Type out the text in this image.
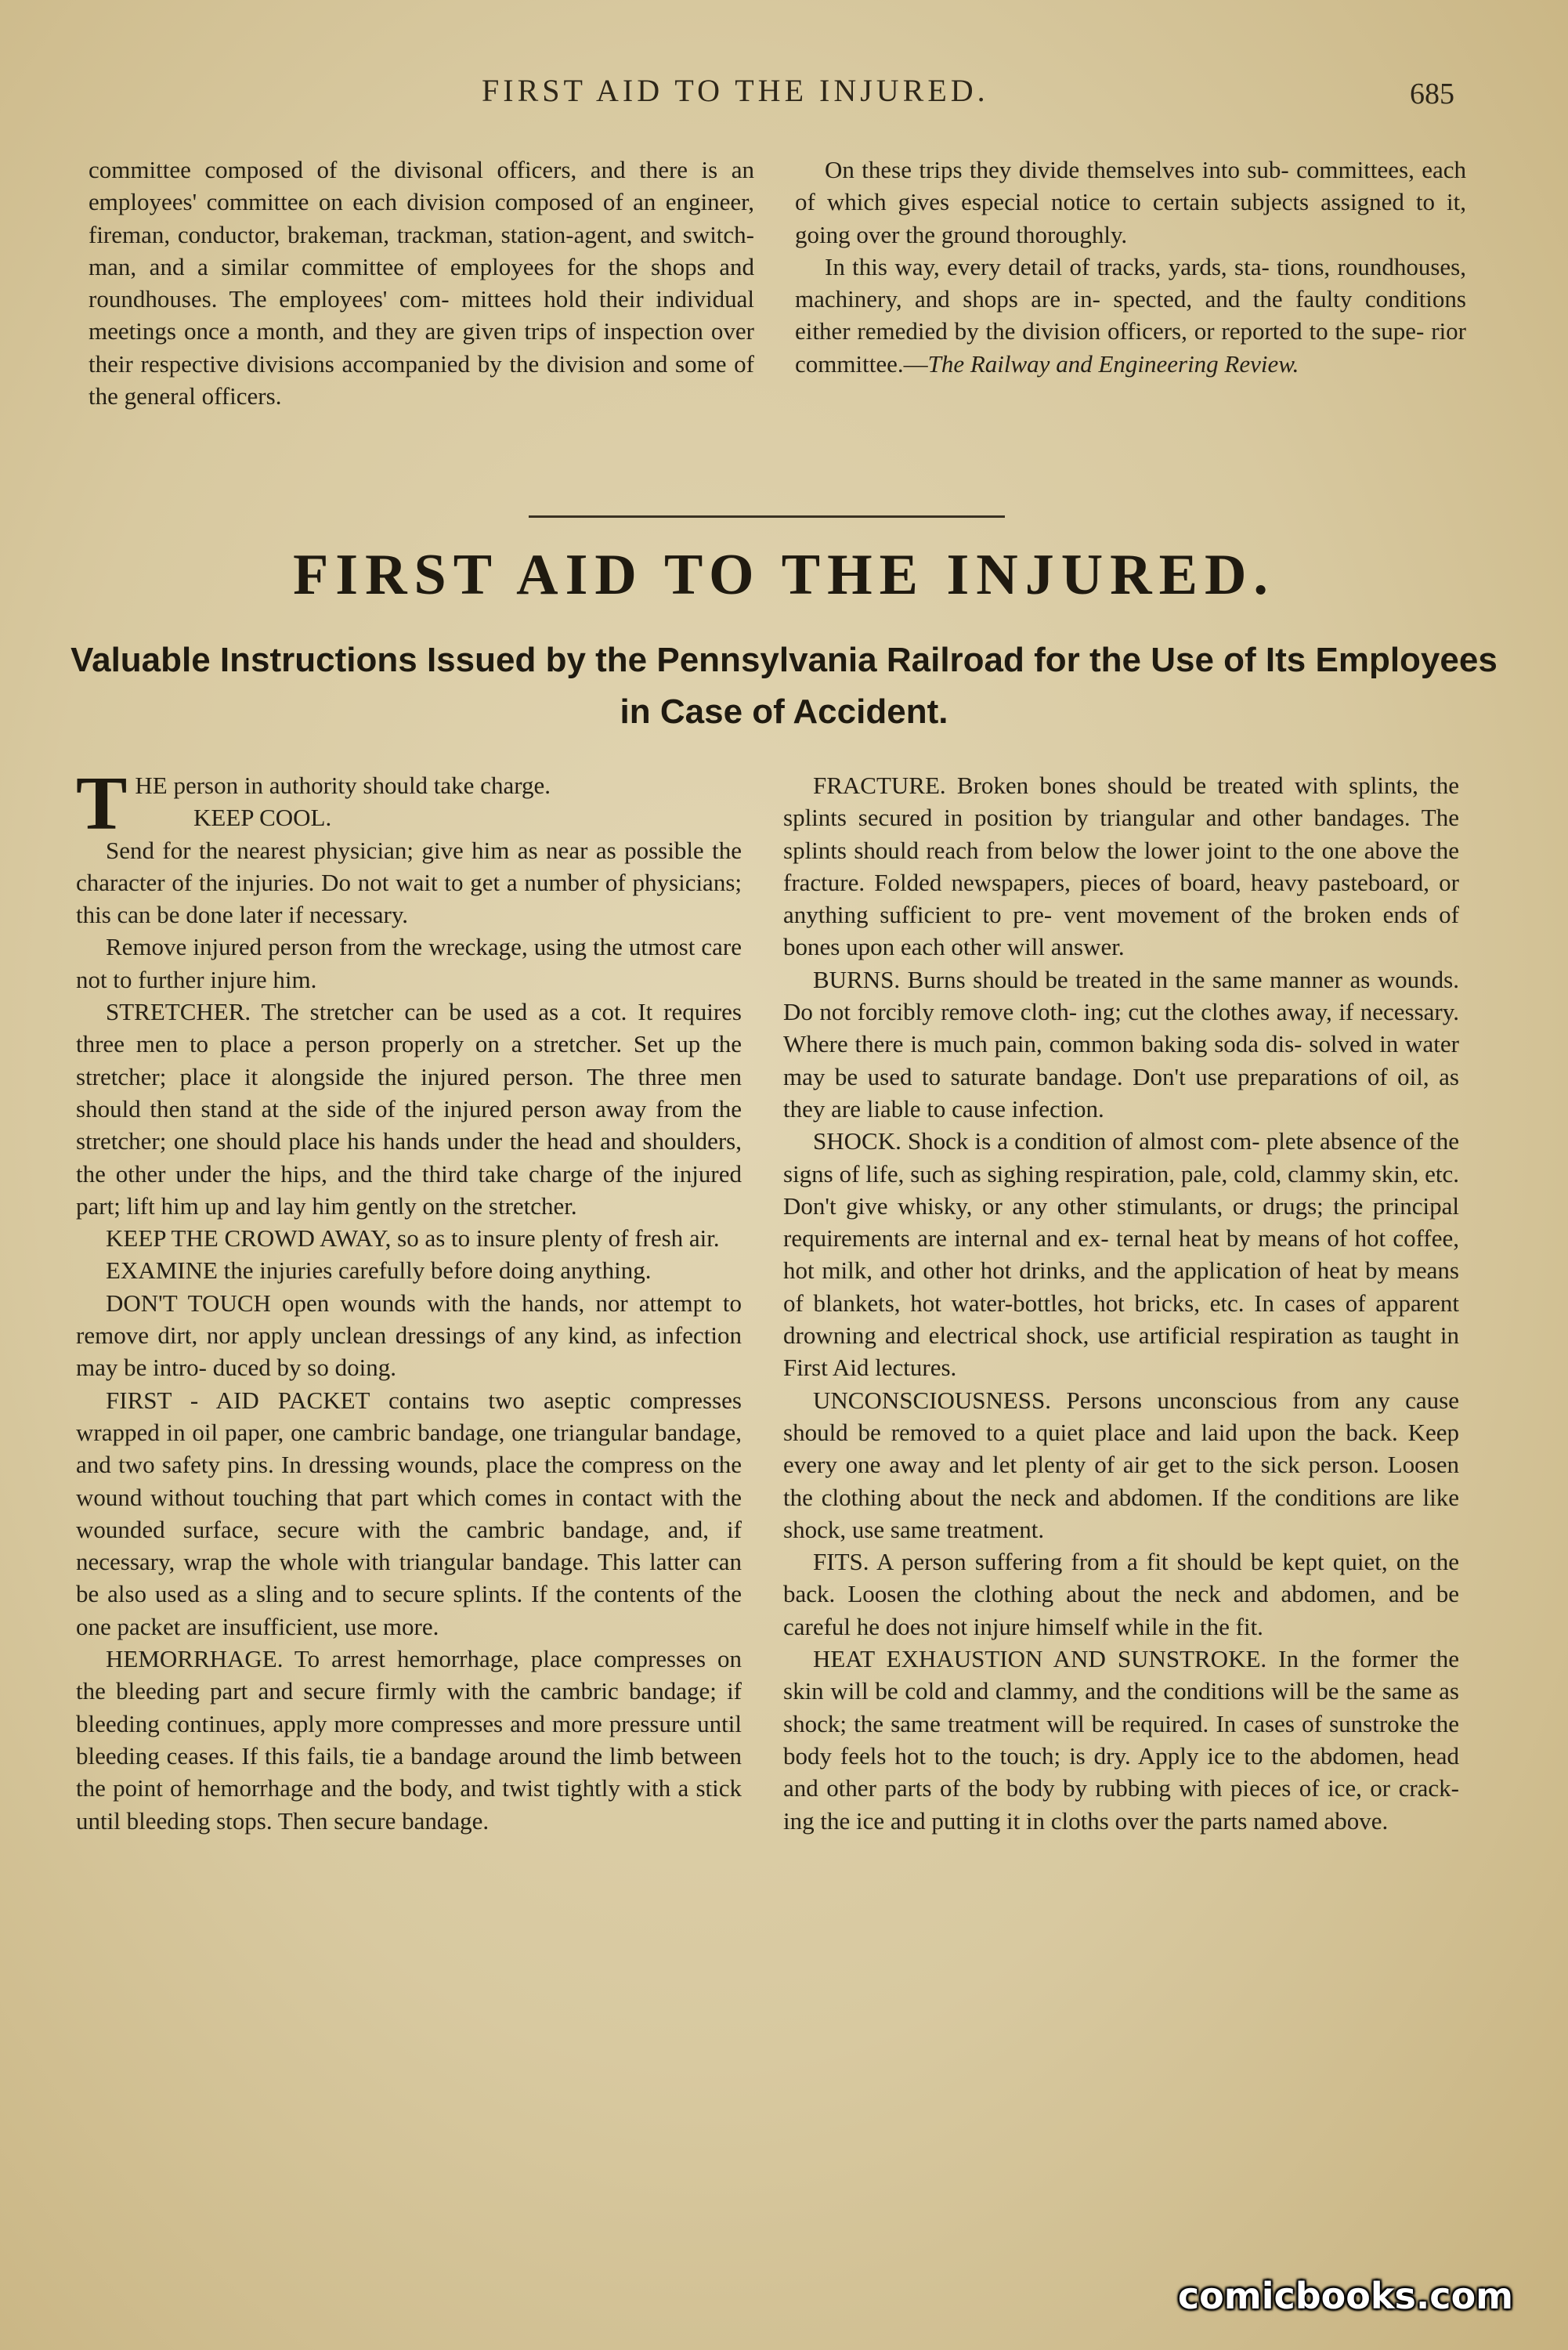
FIRST AID TO THE INJURED.	685

committee composed of the divisonal officers, and there is an employees' committee on each division composed of an engineer, fireman, conductor, brakeman, trackman, station-agent, and switch- man, and a similar committee of employees for the shops and roundhouses. The employees' com- mittees hold their individual meetings once a month, and they are given trips of inspection over their respective divisions accompanied by the division and some of the general officers.

On these trips they divide themselves into sub- committees, each of which gives especial notice to certain subjects assigned to it, going over the ground thoroughly.

In this way, every detail of tracks, yards, sta- tions, roundhouses, machinery, and shops are in- spected, and the faulty conditions either remedied by the division officers, or reported to the supe- rior committee.—The Railway and Engineering Review.

FIRST AID TO THE INJURED.
Valuable Instructions Issued by the Pennsylvania Railroad for the Use of Its Employees in Case of Accident.

THE person in authority should take charge.
KEEP COOL.

Send for the nearest physician; give him as near as possible the character of the injuries. Do not wait to get a number of physicians; this can be done later if necessary.

Remove injured person from the wreckage, using the utmost care not to further injure him.

STRETCHER. The stretcher can be used as a cot. It requires three men to place a person properly on a stretcher. Set up the stretcher; place it alongside the injured person. The three men should then stand at the side of the injured person away from the stretcher; one should place his hands under the head and shoulders, the other under the hips, and the third take charge of the injured part; lift him up and lay him gently on the stretcher.

KEEP THE CROWD AWAY, so as to insure plenty of fresh air.

EXAMINE the injuries carefully before doing anything.

DON'T TOUCH open wounds with the hands, nor attempt to remove dirt, nor apply unclean dressings of any kind, as infection may be intro- duced by so doing.

FIRST - AID PACKET contains two aseptic compresses wrapped in oil paper, one cambric bandage, one triangular bandage, and two safety pins. In dressing wounds, place the compress on the wound without touching that part which comes in contact with the wounded surface, secure with the cambric bandage, and, if necessary, wrap the whole with triangular bandage. This latter can be also used as a sling and to secure splints. If the contents of the one packet are insufficient, use more.

HEMORRHAGE. To arrest hemorrhage, place compresses on the bleeding part and secure firmly with the cambric bandage; if bleeding continues, apply more compresses and more pressure until bleeding ceases. If this fails, tie a bandage around the limb between the point of hemorrhage and the body, and twist tightly with a stick until bleeding stops. Then secure bandage.

FRACTURE. Broken bones should be treated with splints, the splints secured in position by triangular and other bandages. The splints should reach from below the lower joint to the one above the fracture. Folded newspapers, pieces of board, heavy pasteboard, or anything sufficient to pre- vent movement of the broken ends of bones upon each other will answer.

BURNS. Burns should be treated in the same manner as wounds. Do not forcibly remove cloth- ing; cut the clothes away, if necessary. Where there is much pain, common baking soda dis- solved in water may be used to saturate bandage. Don't use preparations of oil, as they are liable to cause infection.

SHOCK. Shock is a condition of almost com- plete absence of the signs of life, such as sighing respiration, pale, cold, clammy skin, etc. Don't give whisky, or any other stimulants, or drugs; the principal requirements are internal and ex- ternal heat by means of hot coffee, hot milk, and other hot drinks, and the application of heat by means of blankets, hot water-bottles, hot bricks, etc. In cases of apparent drowning and electrical shock, use artificial respiration as taught in First Aid lectures.

UNCONSCIOUSNESS. Persons unconscious from any cause should be removed to a quiet place and laid upon the back. Keep every one away and let plenty of air get to the sick person. Loosen the clothing about the neck and abdomen. If the conditions are like shock, use same treatment.

FITS. A person suffering from a fit should be kept quiet, on the back. Loosen the clothing about the neck and abdomen, and be careful he does not injure himself while in the fit.

HEAT EXHAUSTION AND SUNSTROKE. In the former the skin will be cold and clammy, and the conditions will be the same as shock; the same treatment will be required. In cases of sunstroke the body feels hot to the touch; is dry. Apply ice to the abdomen, head and other parts of the body by rubbing with pieces of ice, or crack- ing the ice and putting it in cloths over the parts named above.

comicbooks.com
